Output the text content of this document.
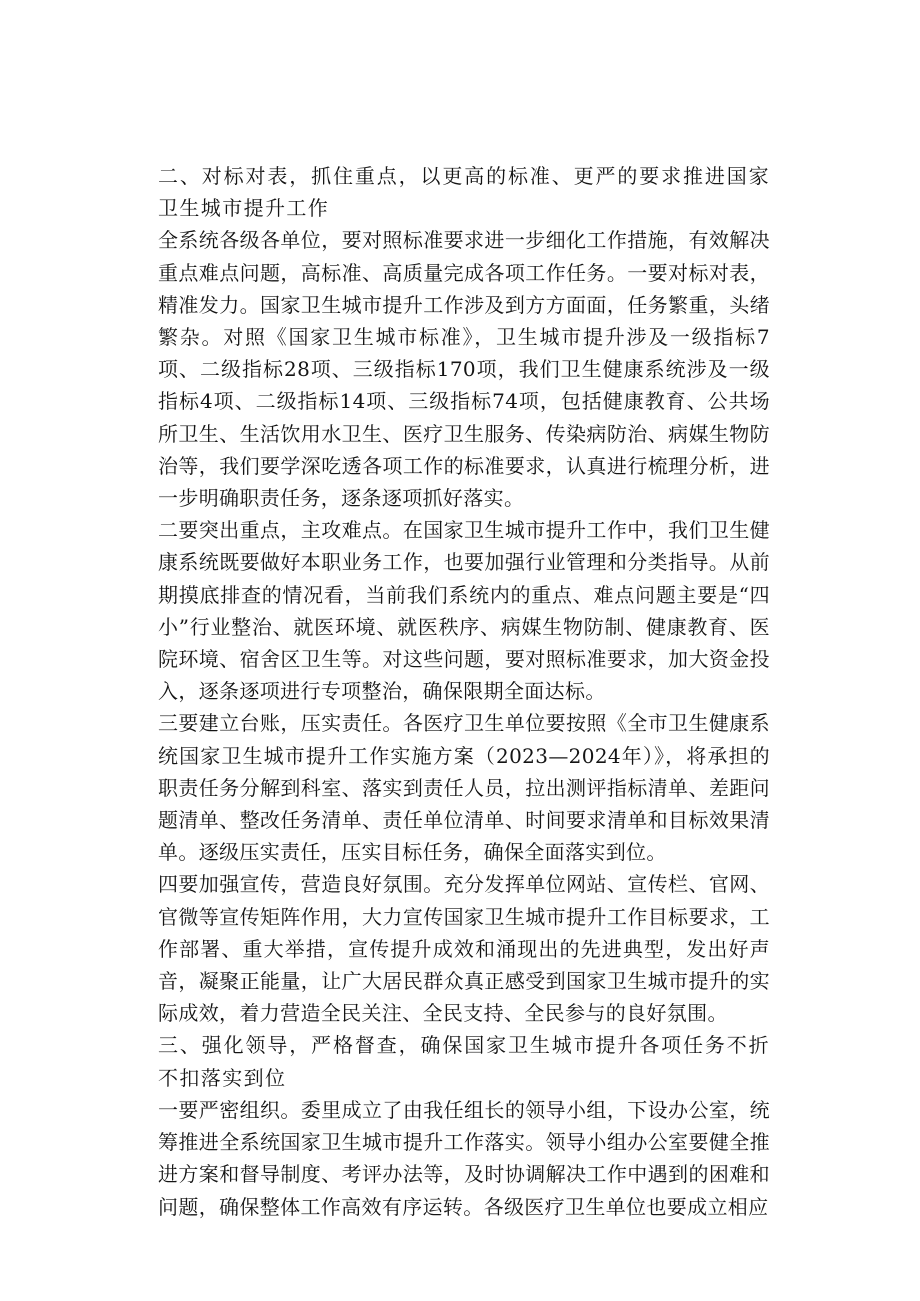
二、对标对表，抓住重点，以更高的标准、更严的要求推进国家卫生城市提升工作

全系统各级各单位，要对照标准要求进一步细化工作措施，有效解决重点难点问题，高标准、高质量完成各项工作任务。一要对标对表，精准发力。国家卫生城市提升工作涉及到方方面面，任务繁重，头绪繁杂。对照《国家卫生城市标准》，卫生城市提升涉及一级指标7项、二级指标28项、三级指标170项，我们卫生健康系统涉及一级指标4项、二级指标14项、三级指标74项，包括健康教育、公共场所卫生、生活饮用水卫生、医疗卫生服务、传染病防治、病媒生物防治等，我们要学深吃透各项工作的标准要求，认真进行梳理分析，进一步明确职责任务，逐条逐项抓好落实。

二要突出重点，主攻难点。在国家卫生城市提升工作中，我们卫生健康系统既要做好本职业务工作，也要加强行业管理和分类指导。从前期摸底排查的情况看，当前我们系统内的重点、难点问题主要是“四小”行业整治、就医环境、就医秩序、病媒生物防制、健康教育、医院环境、宿舍区卫生等。对这些问题，要对照标准要求，加大资金投入，逐条逐项进行专项整治，确保限期全面达标。

三要建立台账，压实责任。各医疗卫生单位要按照《全市卫生健康系统国家卫生城市提升工作实施方案（2023—2024年）》，将承担的职责任务分解到科室、落实到责任人员，拉出测评指标清单、差距问题清单、整改任务清单、责任单位清单、时间要求清单和目标效果清单。逐级压实责任，压实目标任务，确保全面落实到位。

四要加强宣传，营造良好氛围。充分发挥单位网站、宣传栏、官网、官微等宣传矩阵作用，大力宣传国家卫生城市提升工作目标要求，工作部署、重大举措，宣传提升成效和涌现出的先进典型，发出好声音，凝聚正能量，让广大居民群众真正感受到国家卫生城市提升的实际成效，着力营造全民关注、全民支持、全民参与的良好氛围。

三、强化领导，严格督查，确保国家卫生城市提升各项任务不折不扣落实到位

一要严密组织。委里成立了由我任组长的领导小组，下设办公室，统筹推进全系统国家卫生城市提升工作落实。领导小组办公室要健全推进方案和督导制度、考评办法等，及时协调解决工作中遇到的困难和问题，确保整体工作高效有序运转。各级医疗卫生单位也要成立相应
